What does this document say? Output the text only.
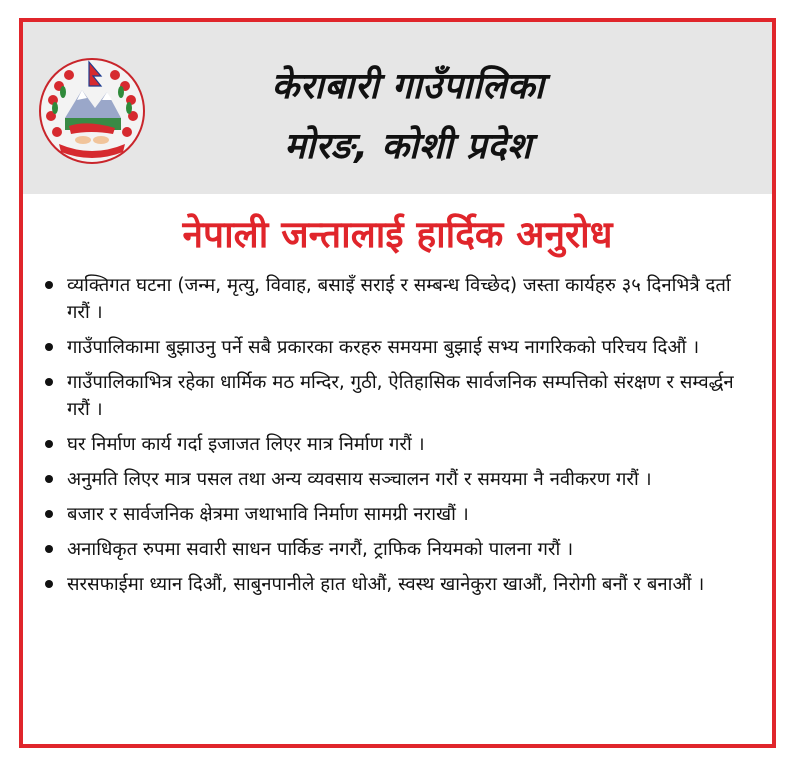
केराबारी गाउँपालिका
मोरङ, कोशी प्रदेश
नेपाली जन्तालाई हार्दिक अनुरोध
व्यक्तिगत घटना (जन्म, मृत्यु, विवाह, बसाइँ सराई र सम्बन्ध विच्छेद) जस्ता कार्यहरु ३५ दिनभित्रै दर्ता गरौं ।
गाउँपालिकामा बुझाउनु पर्ने सबै प्रकारका करहरु समयमा बुझाई सभ्य नागरिकको परिचय दिऔं ।
गाउँपालिकाभित्र रहेका धार्मिक मठ मन्दिर, गुठी, ऐतिहासिक सार्वजनिक सम्पत्तिको संरक्षण र सम्वर्द्धन गरौं ।
घर निर्माण कार्य गर्दा इजाजत लिएर मात्र निर्माण गरौं ।
अनुमति लिएर मात्र पसल तथा अन्य व्यवसाय सञ्चालन गरौं र समयमा नै नवीकरण गरौं ।
बजार र सार्वजनिक क्षेत्रमा जथाभावि निर्माण सामग्री नराखौं ।
अनाधिकृत रुपमा सवारी साधन पार्किङ नगरौं, ट्राफिक नियमको पालना गरौं ।
सरसफाईमा ध्यान दिऔं, साबुनपानीले हात धोऔं, स्वस्थ खानेकुरा खाऔं, निरोगी बनौं र बनाऔं ।
